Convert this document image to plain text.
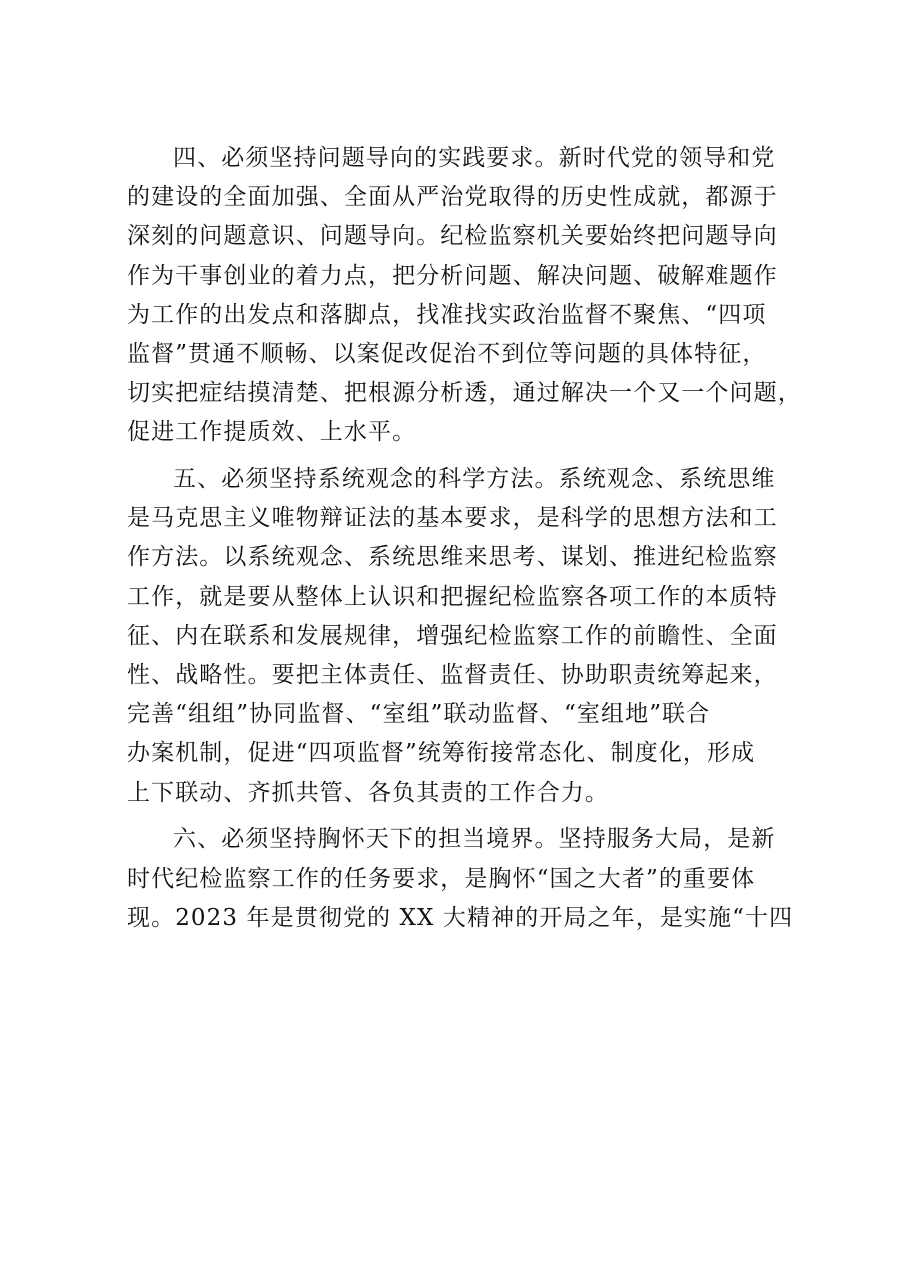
四、必须坚持问题导向的实践要求。新时代党的领导和党
的建设的全面加强、全面从严治党取得的历史性成就，都源于
深刻的问题意识、问题导向。纪检监察机关要始终把问题导向
作为干事创业的着力点，把分析问题、解决问题、破解难题作
为工作的出发点和落脚点，找准找实政治监督不聚焦、“四项
监督”贯通不顺畅、以案促改促治不到位等问题的具体特征，
切实把症结摸清楚、把根源分析透，通过解决一个又一个问题，
促进工作提质效、上水平。
五、必须坚持系统观念的科学方法。系统观念、系统思维
是马克思主义唯物辩证法的基本要求，是科学的思想方法和工
作方法。以系统观念、系统思维来思考、谋划、推进纪检监察
工作，就是要从整体上认识和把握纪检监察各项工作的本质特
征、内在联系和发展规律，增强纪检监察工作的前瞻性、全面
性、战略性。要把主体责任、监督责任、协助职责统筹起来，
完善“组组”协同监督、“室组”联动监督、“室组地”联合
办案机制，促进“四项监督”统筹衔接常态化、制度化，形成
上下联动、齐抓共管、各负其责的工作合力。
六、必须坚持胸怀天下的担当境界。坚持服务大局，是新
时代纪检监察工作的任务要求，是胸怀“国之大者”的重要体
现。2023 年是贯彻党的 XX 大精神的开局之年，是实施“十四
